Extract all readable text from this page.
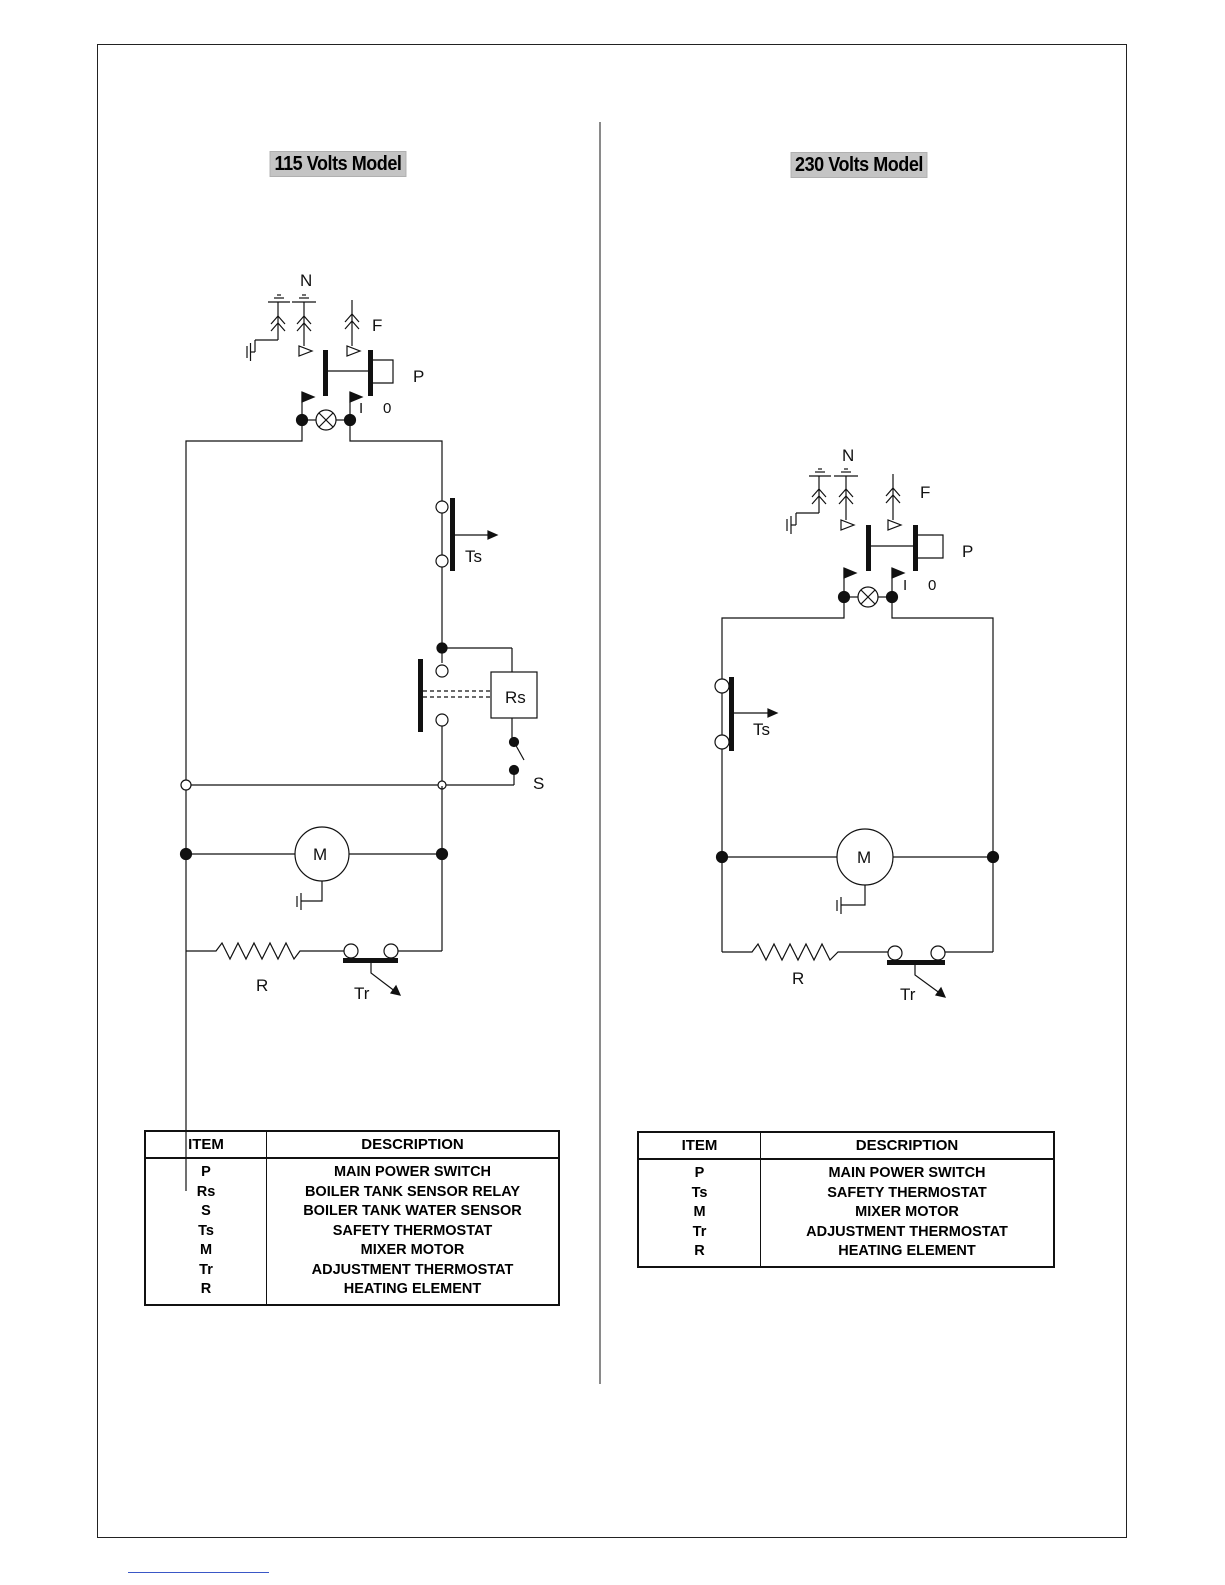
115 Volts Model	230 Volts Model
N
F
P
I 0
Ts
Rs
S
M
R	Tr
N
F
P
I 0
Ts
M
R
Tr
ITEM	DESCRIPTION
P	MAIN POWER SWITCH
Rs	BOILER TANK SENSOR RELAY
S	BOILER TANK WATER SENSOR
Ts	SAFETY THERMOSTAT
M	MIXER MOTOR
Tr	ADJUSTMENT THERMOSTAT
R	HEATING ELEMENT
ITEM	DESCRIPTION
P	MAIN POWER SWITCH
Ts	SAFETY THERMOSTAT
M	MIXER MOTOR
Tr	ADJUSTMENT THERMOSTAT
R	HEATING ELEMENT
